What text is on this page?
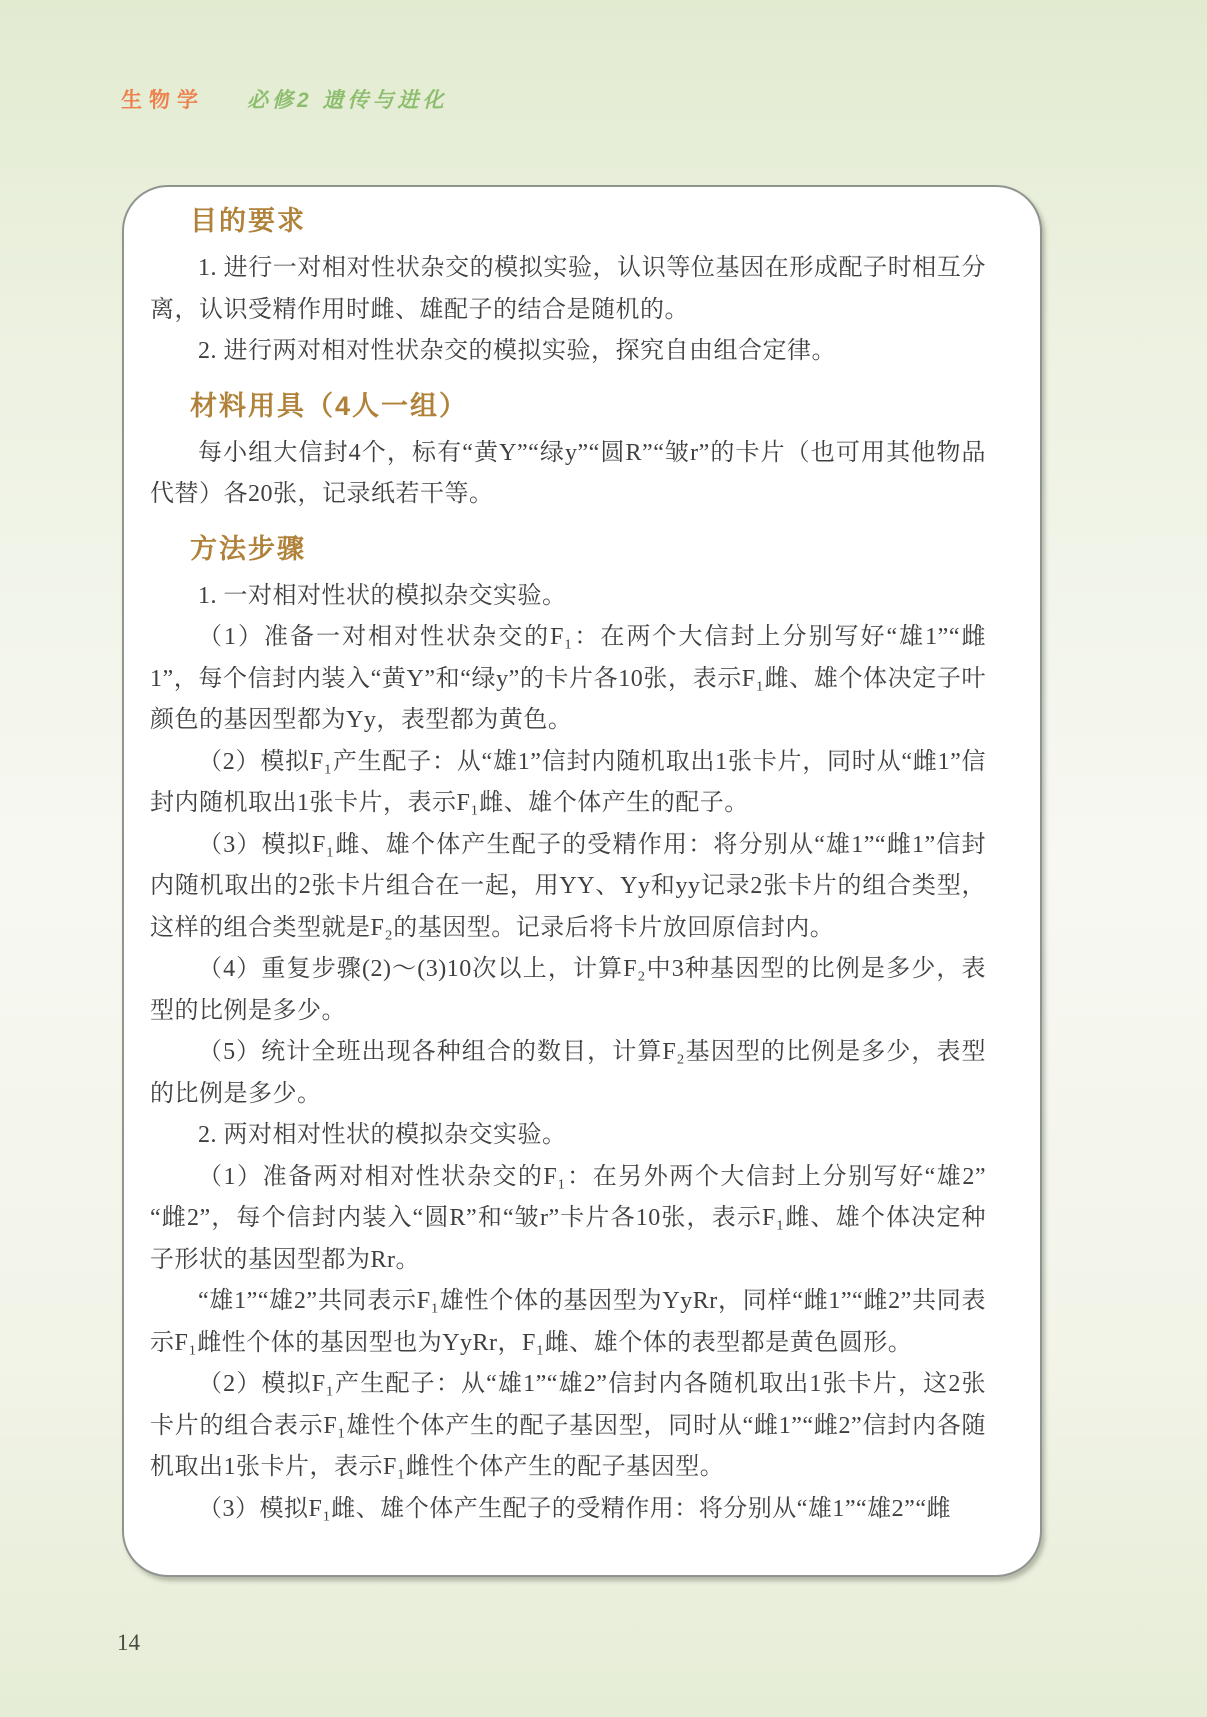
生物学 必修2 遗传与进化
目的要求

1. 进行一对相对性状杂交的模拟实验，认识等位基因在形成配子时相互分离，认识受精作用时雌、雄配子的结合是随机的。

2. 进行两对相对性状杂交的模拟实验，探究自由组合定律。

材料用具（4人一组）

每小组大信封4个，标有“黄Y”“绿y”“圆R”“皱r”的卡片（也可用其他物品代替）各20张，记录纸若干等。

方法步骤

1. 一对相对性状的模拟杂交实验。

（1）准备一对相对性状杂交的F₁：在两个大信封上分别写好“雄1”“雌1”，每个信封内装入“黄Y”和“绿y”的卡片各10张，表示F₁雌、雄个体决定子叶颜色的基因型都为Yy，表型都为黄色。

（2）模拟F₁产生配子：从“雄1”信封内随机取出1张卡片，同时从“雌1”信封内随机取出1张卡片，表示F₁雌、雄个体产生的配子。

（3）模拟F₁雌、雄个体产生配子的受精作用：将分别从“雄1”“雌1”信封内随机取出的2张卡片组合在一起，用YY、Yy和yy记录2张卡片的组合类型，这样的组合类型就是F₂的基因型。记录后将卡片放回原信封内。

（4）重复步骤(2)～(3)10次以上，计算F₂中3种基因型的比例是多少，表型的比例是多少。

（5）统计全班出现各种组合的数目，计算F₂基因型的比例是多少，表型的比例是多少。

2. 两对相对性状的模拟杂交实验。

（1）准备两对相对性状杂交的F₁：在另外两个大信封上分别写好“雄2”“雌2”，每个信封内装入“圆R”和“皱r”卡片各10张，表示F₁雌、雄个体决定种子形状的基因型都为Rr。

“雄1”“雄2”共同表示F₁雄性个体的基因型为YyRr，同样“雌1”“雌2”共同表示F₁雌性个体的基因型也为YyRr，F₁雌、雄个体的表型都是黄色圆形。

（2）模拟F₁产生配子：从“雄1”“雄2”信封内各随机取出1张卡片，这2张卡片的组合表示F₁雄性个体产生的配子基因型，同时从“雌1”“雌2”信封内各随机取出1张卡片，表示F₁雌性个体产生的配子基因型。

（3）模拟F₁雌、雄个体产生配子的受精作用：将分别从“雄1”“雄2”“雌

14
